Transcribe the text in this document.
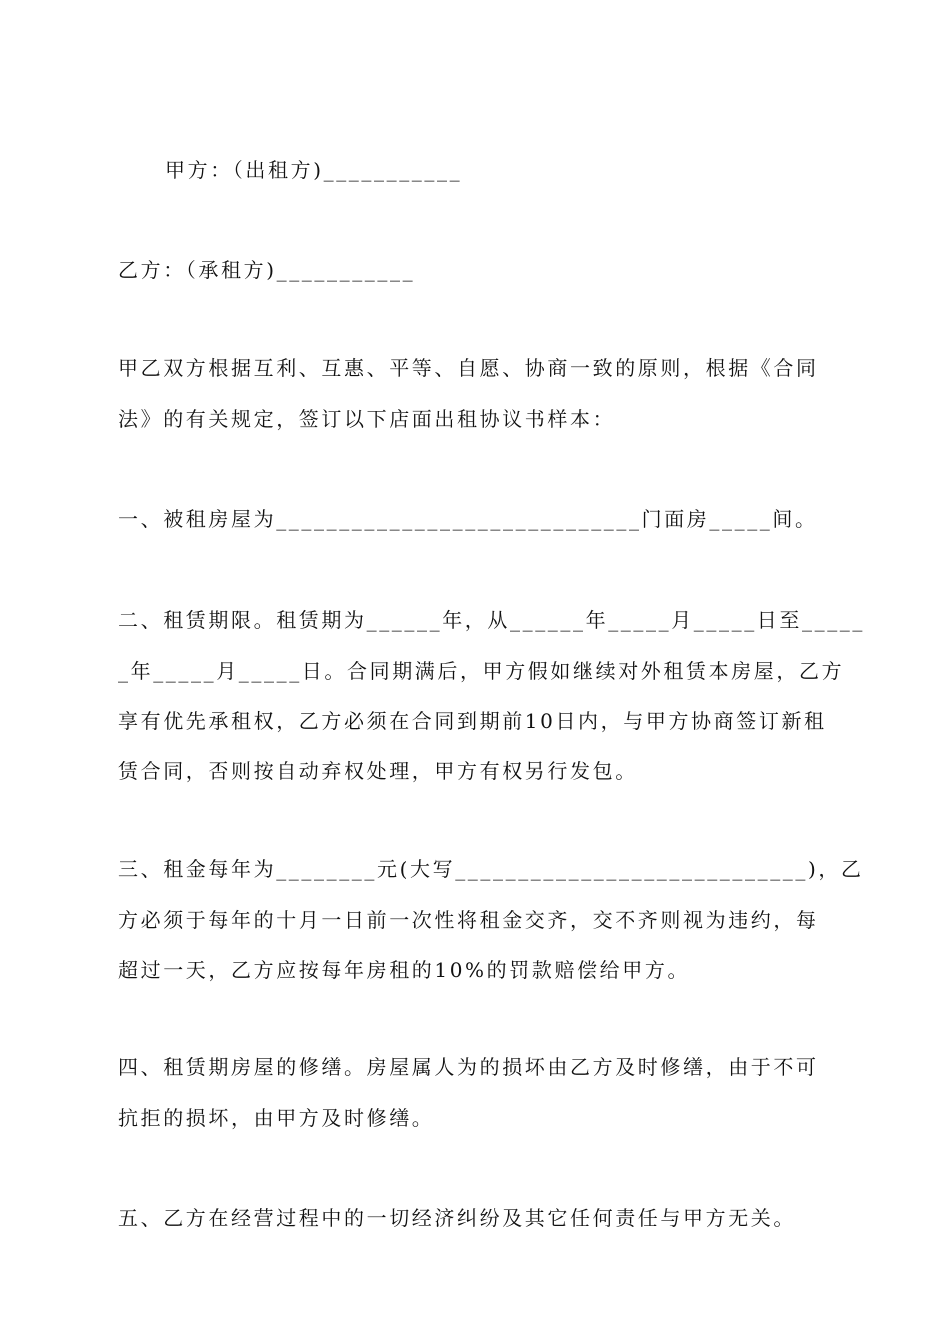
甲方：（出租方)___________
乙方：（承租方)___________
甲乙双方根据互利、互惠、平等、自愿、协商一致的原则，根据《合同
法》的有关规定，签订以下店面出租协议书样本：
一、被租房屋为_____________________________门面房_____间。
二、租赁期限。租赁期为______年，从______年_____月_____日至_____
_年_____月_____日。合同期满后，甲方假如继续对外租赁本房屋，乙方
享有优先承租权，乙方必须在合同到期前10日内，与甲方协商签订新租
赁合同，否则按自动弃权处理，甲方有权另行发包。
三、租金每年为________元(大写____________________________)，乙
方必须于每年的十月一日前一次性将租金交齐，交不齐则视为违约，每
超过一天，乙方应按每年房租的10%的罚款赔偿给甲方。
四、租赁期房屋的修缮。房屋属人为的损坏由乙方及时修缮，由于不可
抗拒的损坏，由甲方及时修缮。
五、乙方在经营过程中的一切经济纠纷及其它任何责任与甲方无关。
